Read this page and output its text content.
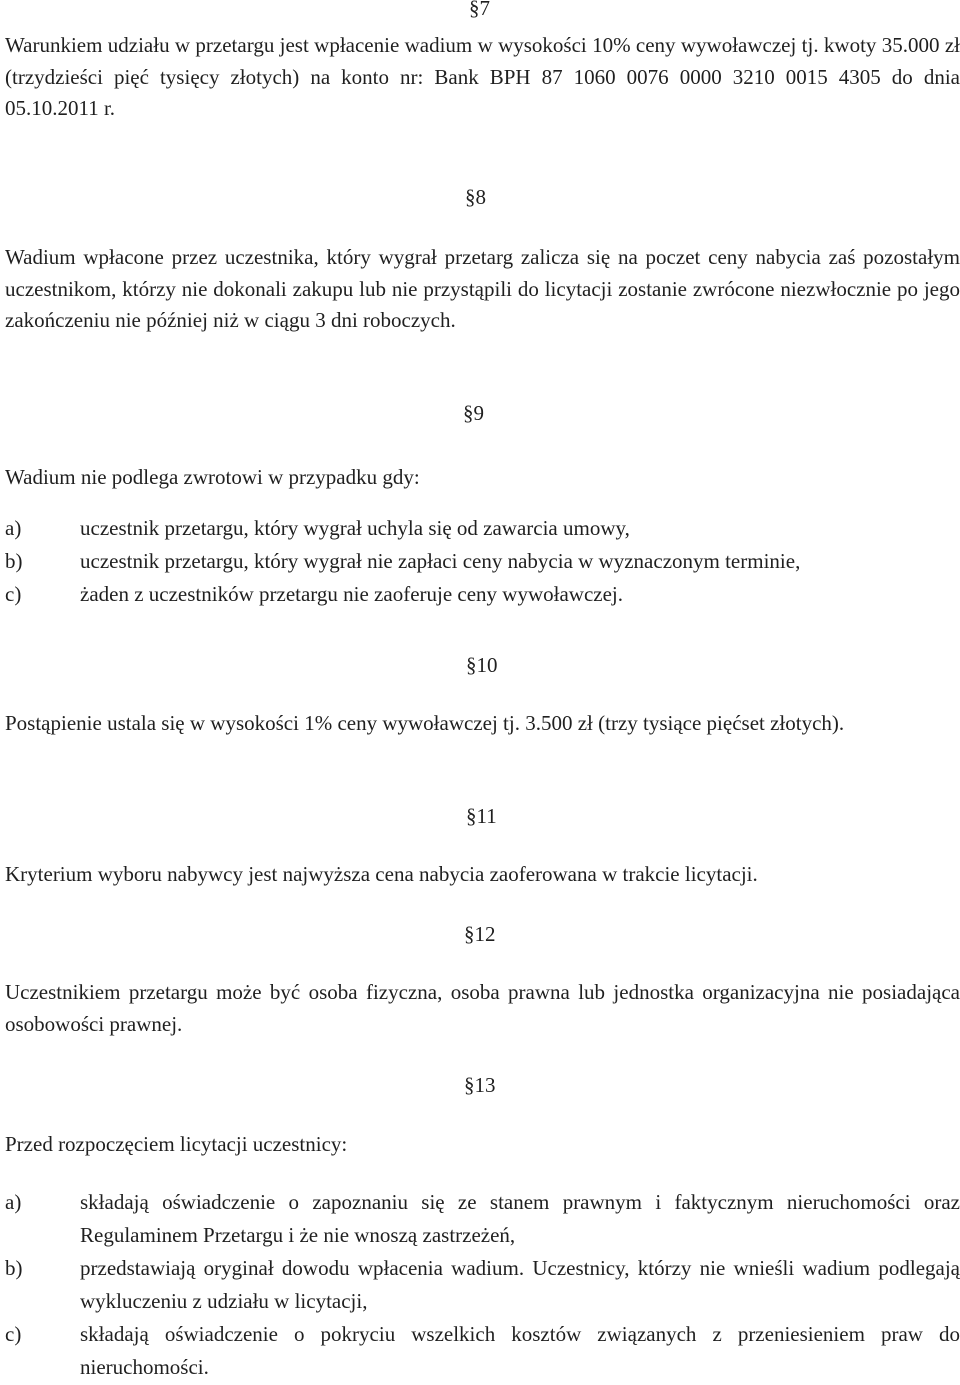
§7

Warunkiem udziału w przetargu jest wpłacenie wadium w wysokości 10% ceny wywoławczej tj. kwoty 35.000 zł (trzydzieści pięć tysięcy złotych) na konto nr: Bank BPH 87 1060 0076 0000 3210 0015 4305 do dnia 05.10.2011 r.

§8

Wadium wpłacone przez uczestnika, który wygrał przetarg zalicza się na poczet ceny nabycia zaś pozostałym uczestnikom, którzy nie dokonali zakupu lub nie przystąpili do licytacji zostanie zwrócone niezwłocznie po jego zakończeniu nie później niż w ciągu 3 dni roboczych.

§9

Wadium nie podlega zwrotowi w przypadku gdy:

a)	uczestnik przetargu, który wygrał uchyla się od zawarcia umowy,
b)	uczestnik przetargu, który wygrał nie zapłaci ceny nabycia w wyznaczonym terminie,
c)	żaden z uczestników przetargu nie zaoferuje ceny wywoławczej.
§10

Postąpienie ustala się w wysokości 1% ceny wywoławczej tj. 3.500 zł (trzy tysiące pięćset złotych).

§11

Kryterium wyboru nabywcy jest najwyższa cena nabycia zaoferowana w trakcie licytacji.

§12

Uczestnikiem przetargu może być osoba fizyczna, osoba prawna lub jednostka organizacyjna nie posiadająca osobowości prawnej.

§13

Przed rozpoczęciem licytacji uczestnicy:

a)	składają oświadczenie o zapoznaniu się ze stanem prawnym i faktycznym nieruchomości oraz Regulaminem Przetargu i że nie wnoszą zastrzeżeń,
b)	przedstawiają oryginał dowodu wpłacenia wadium. Uczestnicy, którzy nie wnieśli wadium podlegają wykluczeniu z udziału w licytacji,
c)	składają oświadczenie o pokryciu wszelkich kosztów związanych z przeniesieniem praw do nieruchomości.
